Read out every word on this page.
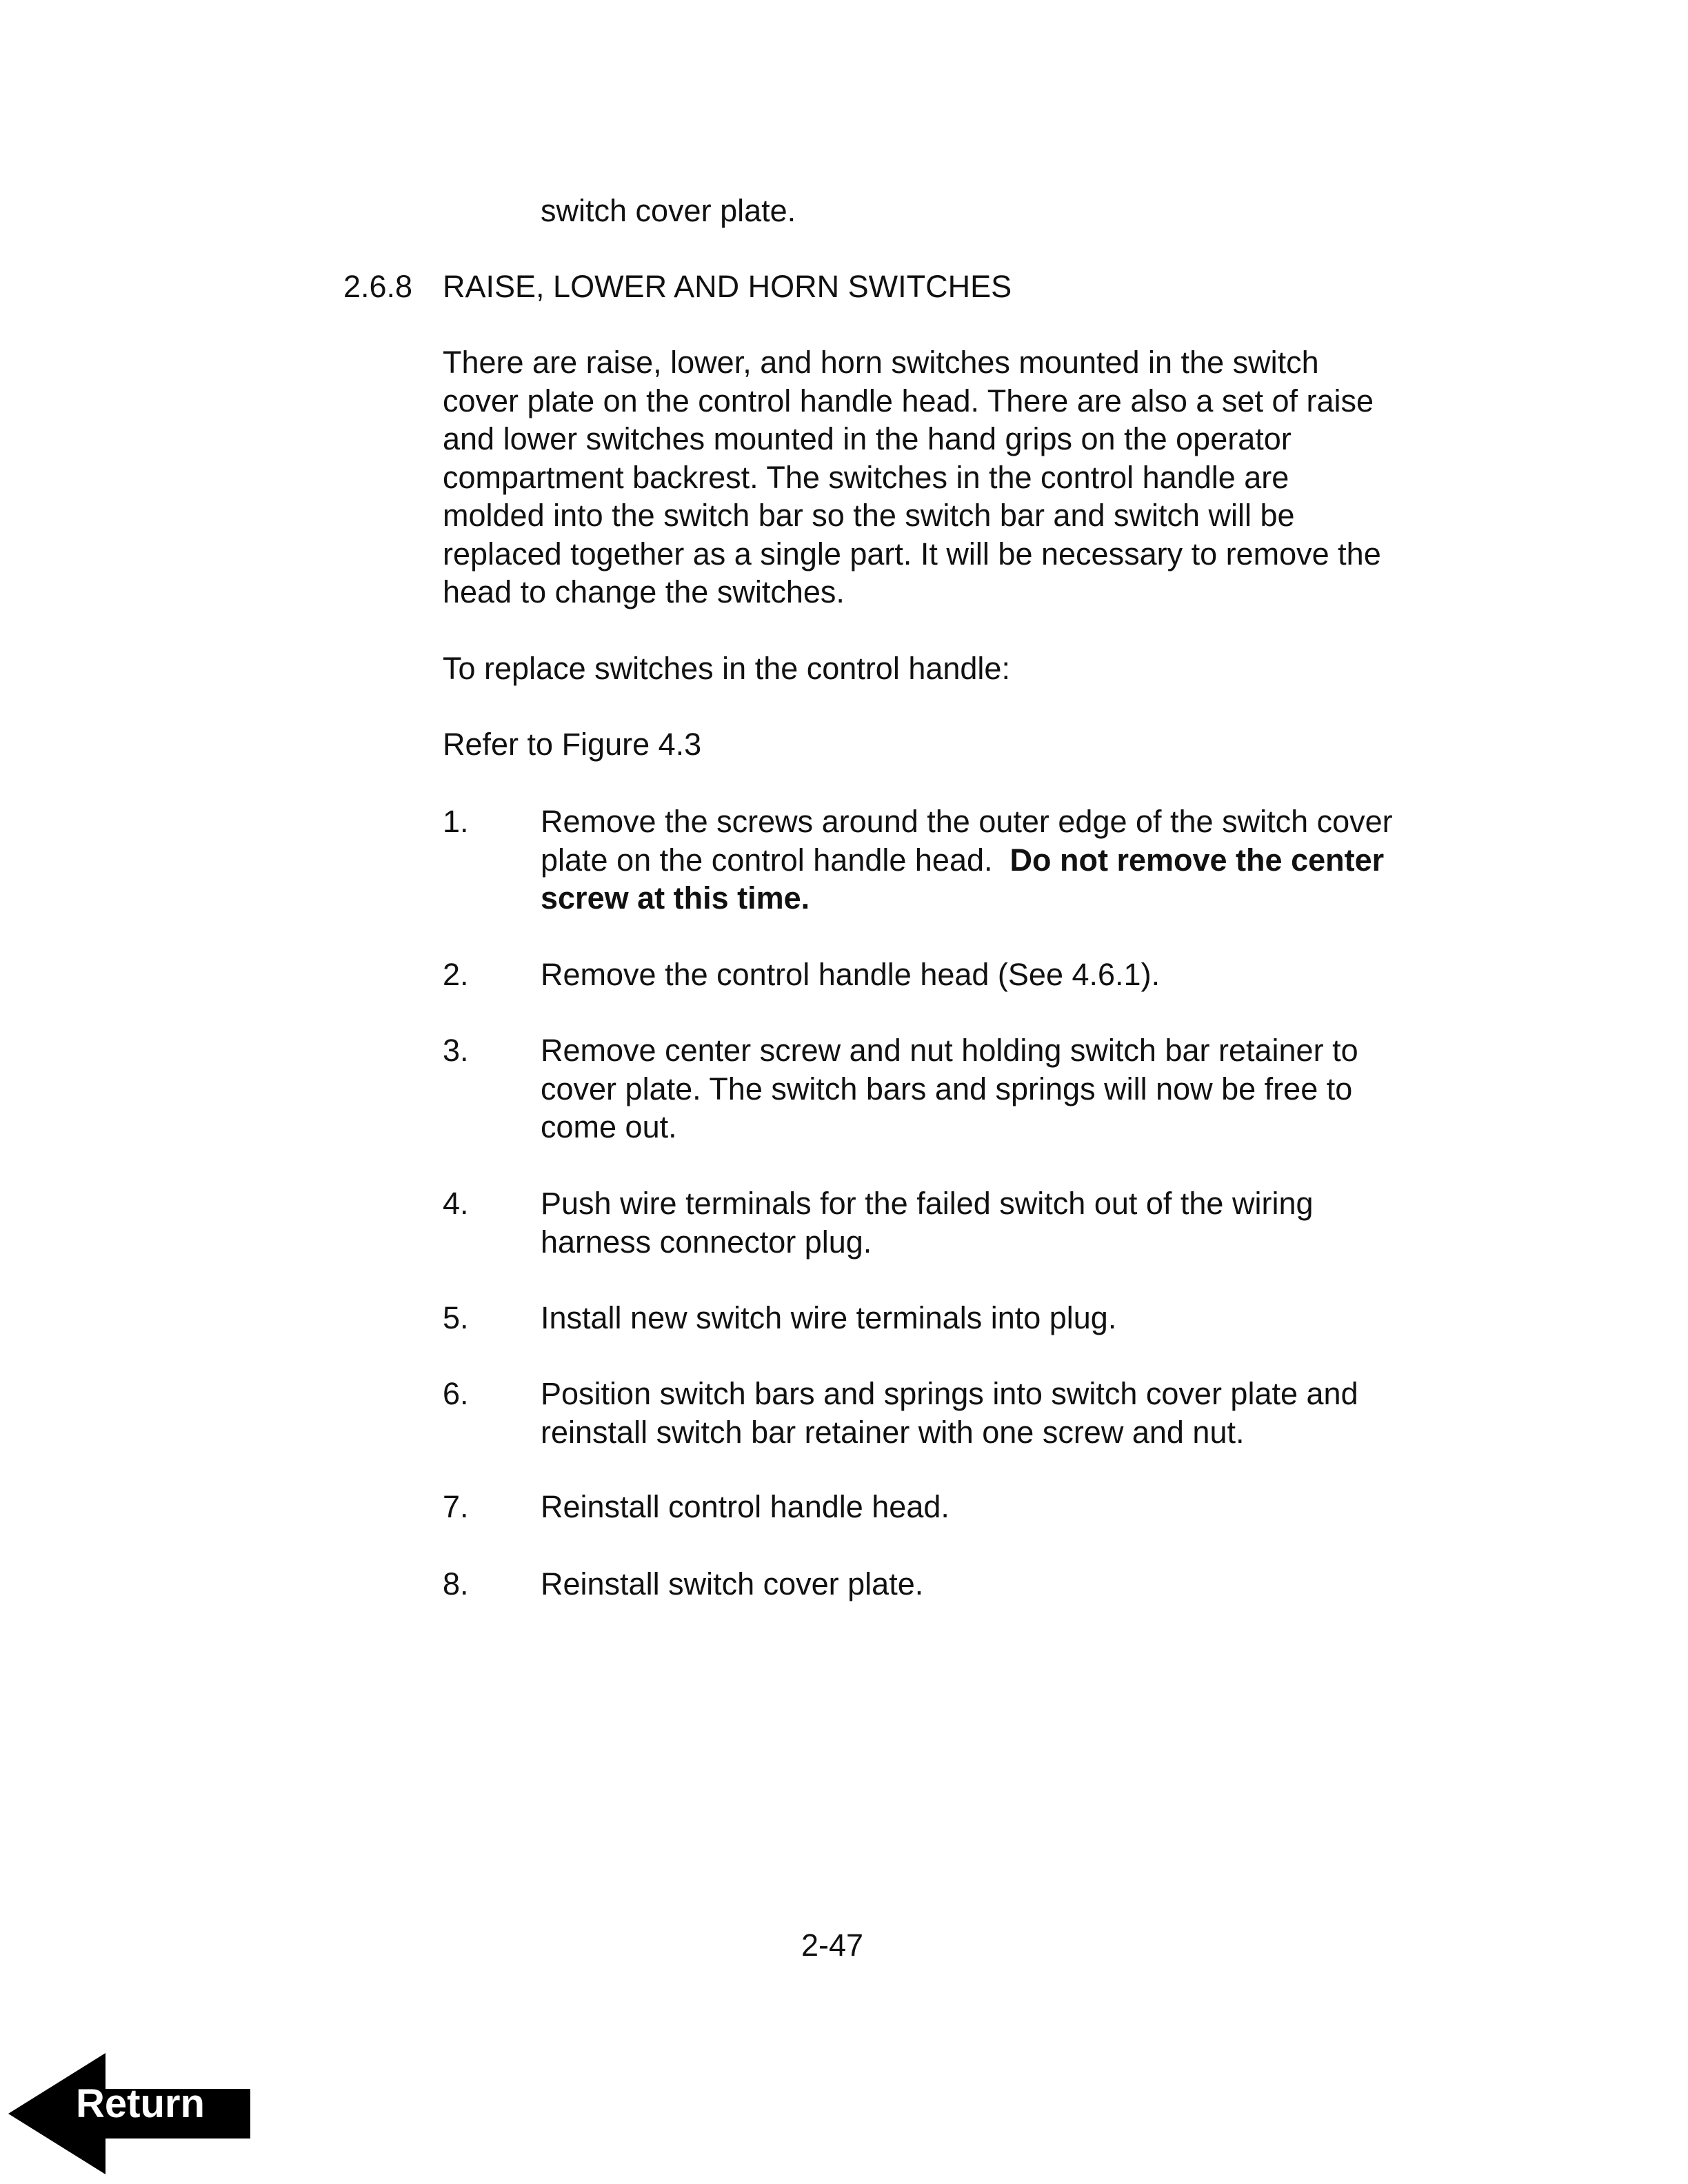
switch cover plate.
2.6.8 RAISE, LOWER AND HORN SWITCHES
There are raise, lower, and horn switches mounted in the switch
cover plate on the control handle head. There are also a set of raise
and lower switches mounted in the hand grips on the operator
compartment backrest. The switches in the control handle are
molded into the switch bar so the switch bar and switch will be
replaced together as a single part. It will be necessary to remove the
head to change the switches.
To replace switches in the control handle:
Refer to Figure 4.3
1. Remove the screws around the outer edge of the switch cover
plate on the control handle head.  Do not remove the center
screw at this time.
2. Remove the control handle head (See 4.6.1).
3. Remove center screw and nut holding switch bar retainer to
cover plate. The switch bars and springs will now be free to
come out.
4. Push wire terminals for the failed switch out of the wiring
harness connector plug.
5. Install new switch wire terminals into plug.
6. Position switch bars and springs into switch cover plate and
reinstall switch bar retainer with one screw and nut.
7. Reinstall control handle head.
8. Reinstall switch cover plate.
2-47
Return
